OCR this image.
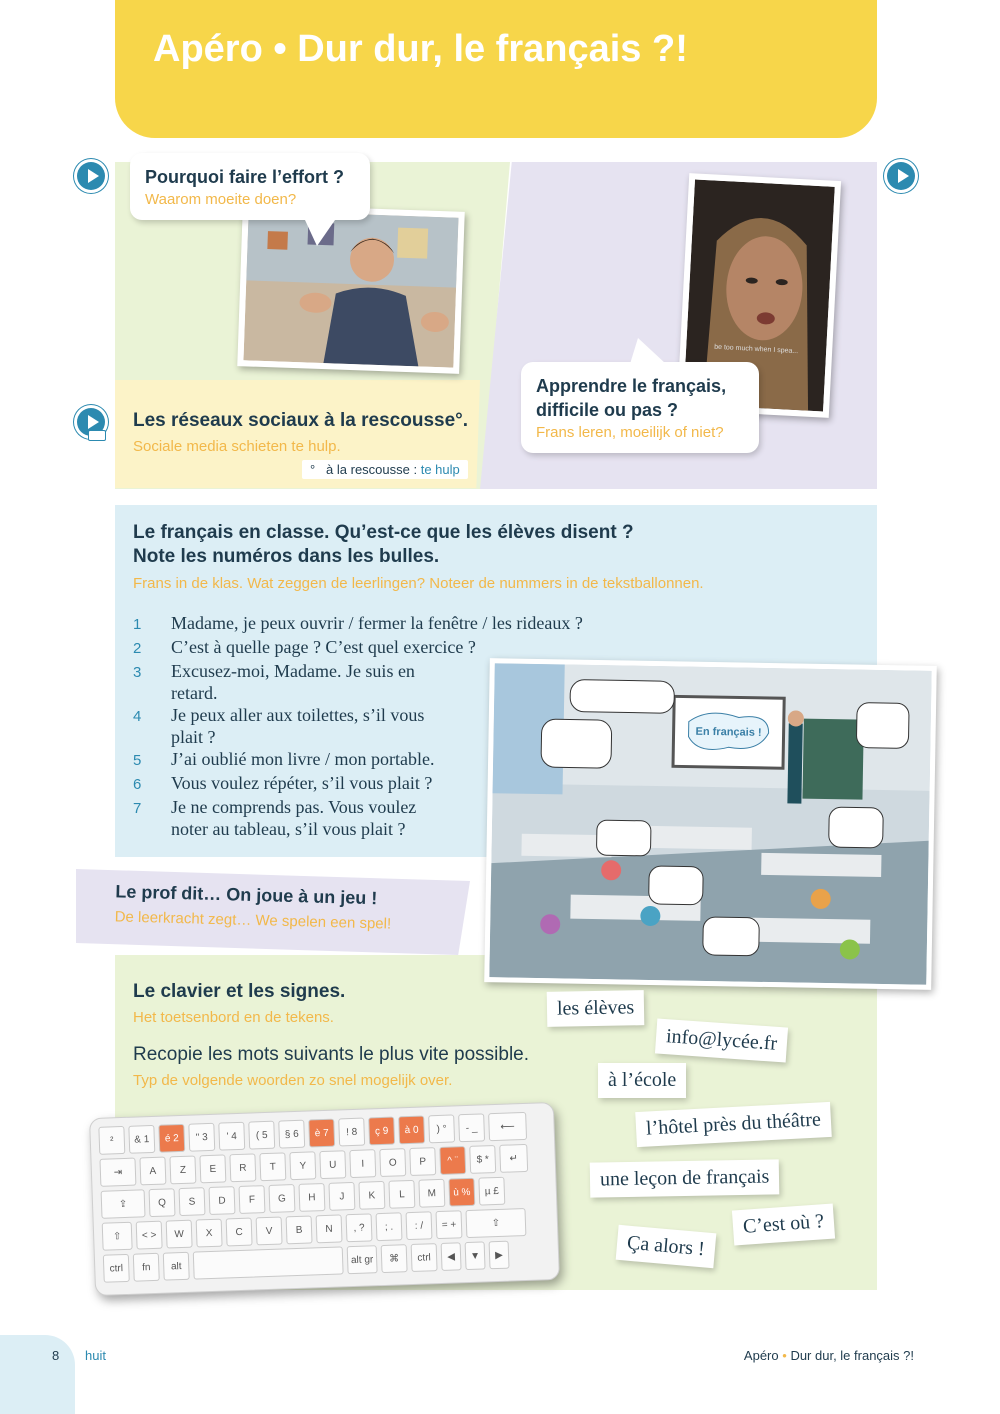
Apéro • Dur dur, le français ?!
Pourquoi faire l’effort ?
Waarom moeite doen?
be too much when I spea...
Apprendre le français,
difficile ou pas ?
Frans leren, moeilijk of niet?
Les réseaux sociaux à la rescousse°.
Sociale media schieten te hulp.
° à la rescousse : te hulp
Le français en classe. Qu’est-ce que les élèves disent ?
Note les numéros dans les bulles.
Frans in de klas. Wat zeggen de leerlingen? Noteer de nummers in de tekstballonnen.
1	Madame, je peux ouvrir / fermer la fenêtre / les rideaux ?
2	C’est à quelle page ? C’est quel exercice ?
3	Excusez-moi, Madame. Je suis en
retard.
4	Je peux aller aux toilettes, s’il vous
plait ?
5	J’ai oublié mon livre / mon portable.
6	Vous voulez répéter, s’il vous plait ?
7	Je ne comprends pas. Vous voulez
noter au tableau, s’il vous plait ?
En français !
Le prof dit… On joue à un jeu !
De leerkracht zegt… We spelen een spel!
Le clavier et les signes.
Het toetsenbord en de tekens.
Recopie les mots suivants le plus vite possible.
Typ de volgende woorden zo snel mogelijk over.
²	& 1	é 2	" 3	' 4	( 5	§ 6	è 7	! 8	ç 9	à 0	) °	- _	⟵
⇥	A	Z	E	R	T	Y	U	I	O	P	^ ¨	$ *	↵
⇪	Q	S	D	F	G	H	J	K	L	M	ù %	µ £
⇧	< >	W	X	C	V	B	N	, ?	; .	: /	= +	⇧
ctrl	fn	alt
alt gr	⌘	ctrl	◀	▼	▶
les élèves
info@lycée.fr
à l’école
l’hôtel près du théâtre
une leçon de français
C’est où ?
Ça alors !
8 huit	Apéro • Dur dur, le français ?!
